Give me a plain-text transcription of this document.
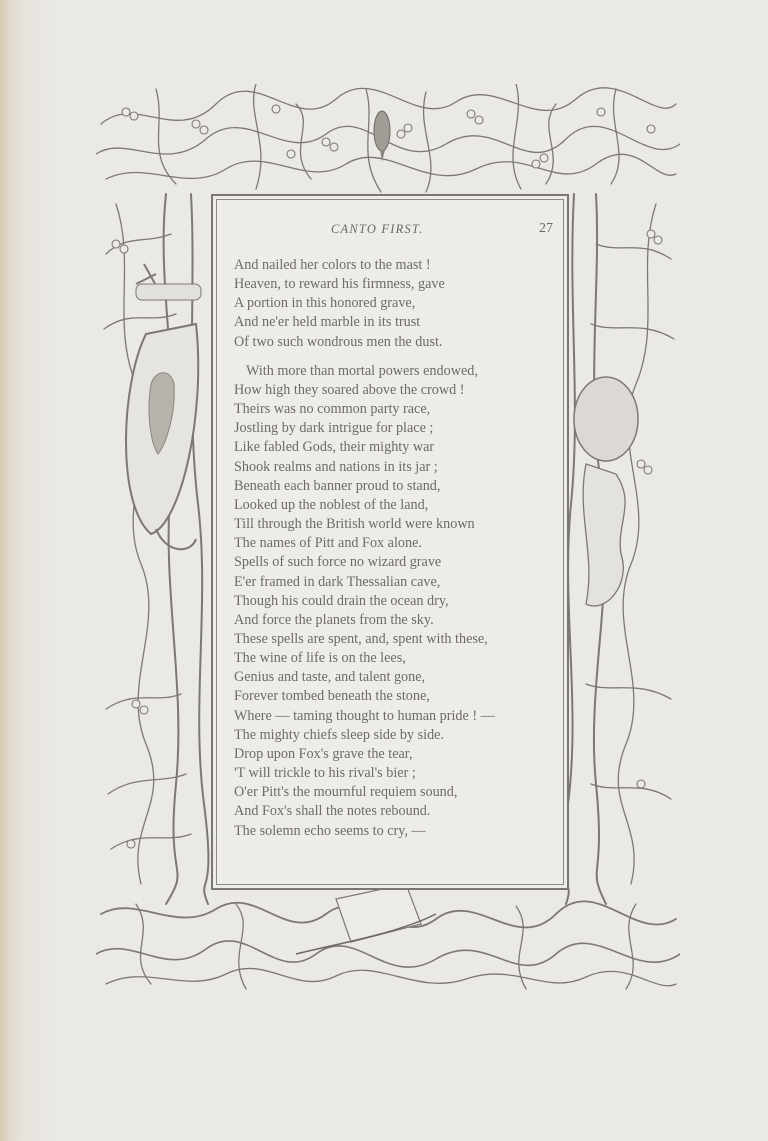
CANTO FIRST.	27

And nailed her colors to the mast !
Heaven, to reward his firmness, gave
A portion in this honored grave,
And ne'er held marble in its trust
Of two such wondrous men the dust.

With more than mortal powers endowed,
How high they soared above the crowd !
Theirs was no common party race,
Jostling by dark intrigue for place ;
Like fabled Gods, their mighty war
Shook realms and nations in its jar ;
Beneath each banner proud to stand,
Looked up the noblest of the land,
Till through the British world were known
The names of Pitt and Fox alone.
Spells of such force no wizard grave
E'er framed in dark Thessalian cave,
Though his could drain the ocean dry,
And force the planets from the sky.
These spells are spent, and, spent with these,
The wine of life is on the lees,
Genius and taste, and talent gone,
Forever tombed beneath the stone,
Where — taming thought to human pride ! —
The mighty chiefs sleep side by side.
Drop upon Fox's grave the tear,
'T will trickle to his rival's bier ;
O'er Pitt's the mournful requiem sound,
And Fox's shall the notes rebound.
The solemn echo seems to cry, —
